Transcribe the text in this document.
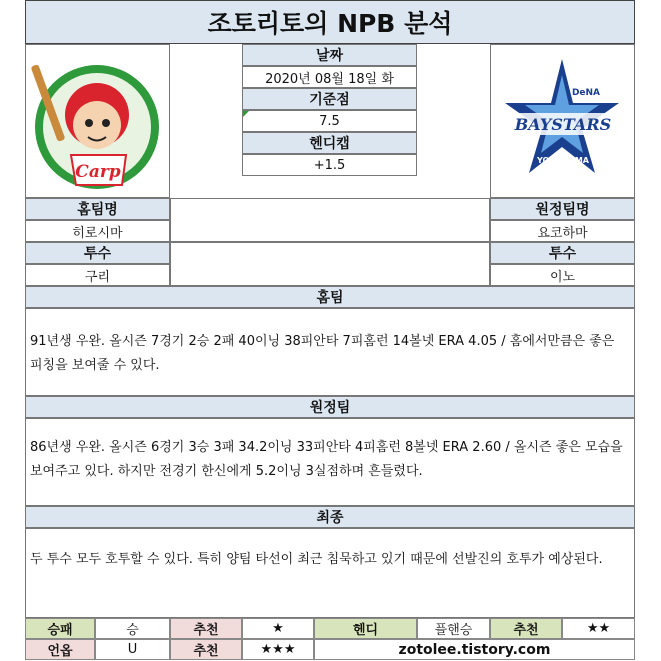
조토리토의 NPB 분석
Carp
DeNA
BAYSTARS
YOKOHAMA
날짜
2020년 08월 18일 화
기준점
7.5
헨디캡
+1.5
홈팀명
히로시마
투수
구리
원정팀명
요코하마
투수
이노
홈팀
91년생 우완. 올시즌 7경기 2승 2패 40이닝 38피안타 7피홈런 14볼넷 ERA 4.05 / 홈에서만큼은 좋은 피칭을 보여줄 수 있다.
원정팀
86년생 우완. 올시즌 6경기 3승 3패 34.2이닝 33피안타 4피홈런 8볼넷 ERA 2.60 / 올시즌 좋은 모습을 보여주고 있다. 하지만 전경기 한신에게 5.2이닝 3실점하며 흔들렸다.
최종
두 투수 모두 호투할 수 있다. 특히 양팀 타선이 최근 침묵하고 있기 때문에 선발진의 호투가 예상된다.
승패	승	추천	★	헨디	플핸승	추천	★★
언옵	U	추천	★★★	zotolee.tistory.com
